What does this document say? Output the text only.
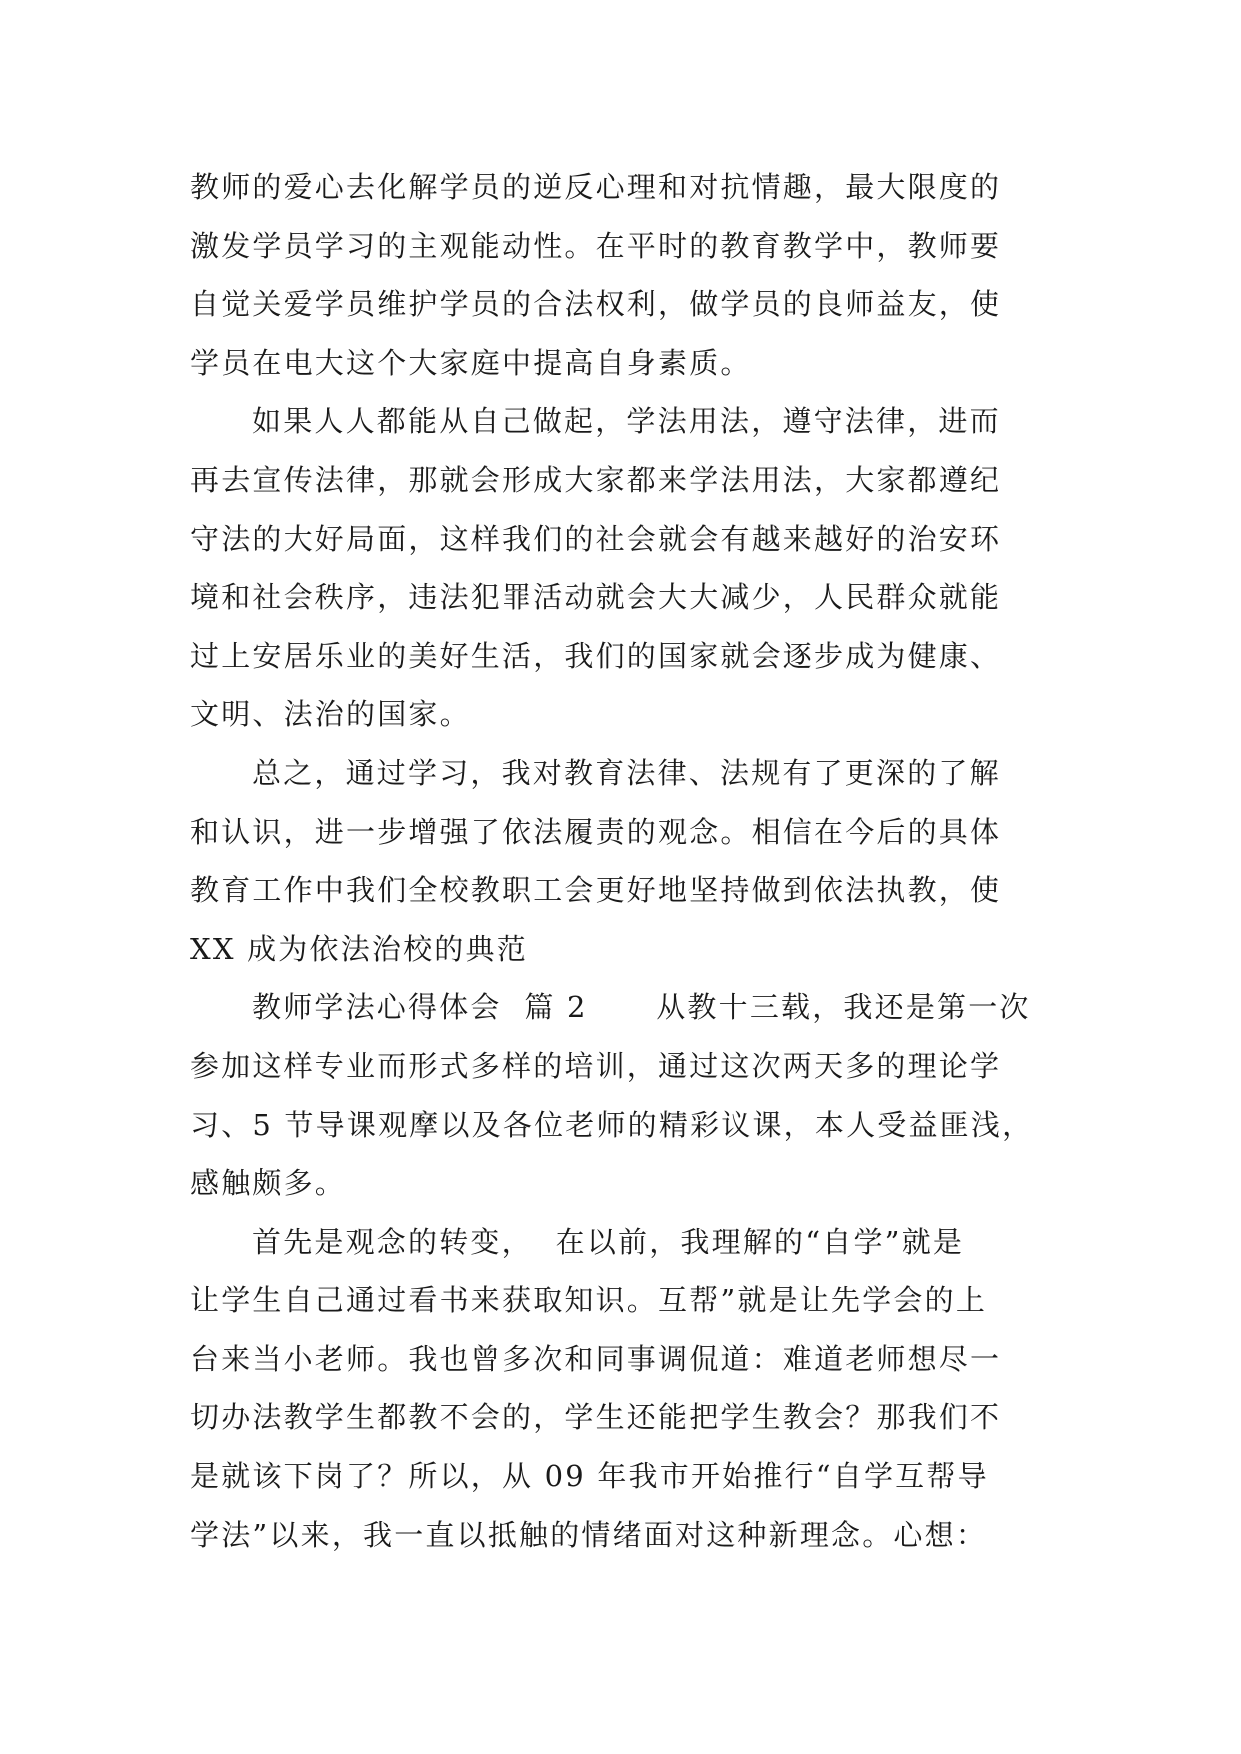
教师的爱心去化解学员的逆反心理和对抗情趣，最大限度的
激发学员学习的主观能动性。在平时的教育教学中，教师要
自觉关爱学员维护学员的合法权利，做学员的良师益友，使
学员在电大这个大家庭中提高自身素质。
如果人人都能从自己做起，学法用法，遵守法律，进而
再去宣传法律，那就会形成大家都来学法用法，大家都遵纪
守法的大好局面，这样我们的社会就会有越来越好的治安环
境和社会秩序，违法犯罪活动就会大大减少，人民群众就能
过上安居乐业的美好生活，我们的国家就会逐步成为健康、
文明、法治的国家。
总之，通过学习，我对教育法律、法规有了更深的了解
和认识，进一步增强了依法履责的观念。相信在今后的具体
教育工作中我们全校教职工会更好地坚持做到依法执教，使
XX 成为依法治校的典范
教师学法心得体会  篇 2      从教十三载，我还是第一次
参加这样专业而形式多样的培训，通过这次两天多的理论学
习、5 节导课观摩以及各位老师的精彩议课，本人受益匪浅，
感触颇多。
首先是观念的转变，  在以前，我理解的“自学”就是
让学生自己通过看书来获取知识。互帮”就是让先学会的上
台来当小老师。我也曾多次和同事调侃道：难道老师想尽一
切办法教学生都教不会的，学生还能把学生教会？那我们不
是就该下岗了？所以，从 09 年我市开始推行“自学互帮导
学法”以来，我一直以抵触的情绪面对这种新理念。心想：
